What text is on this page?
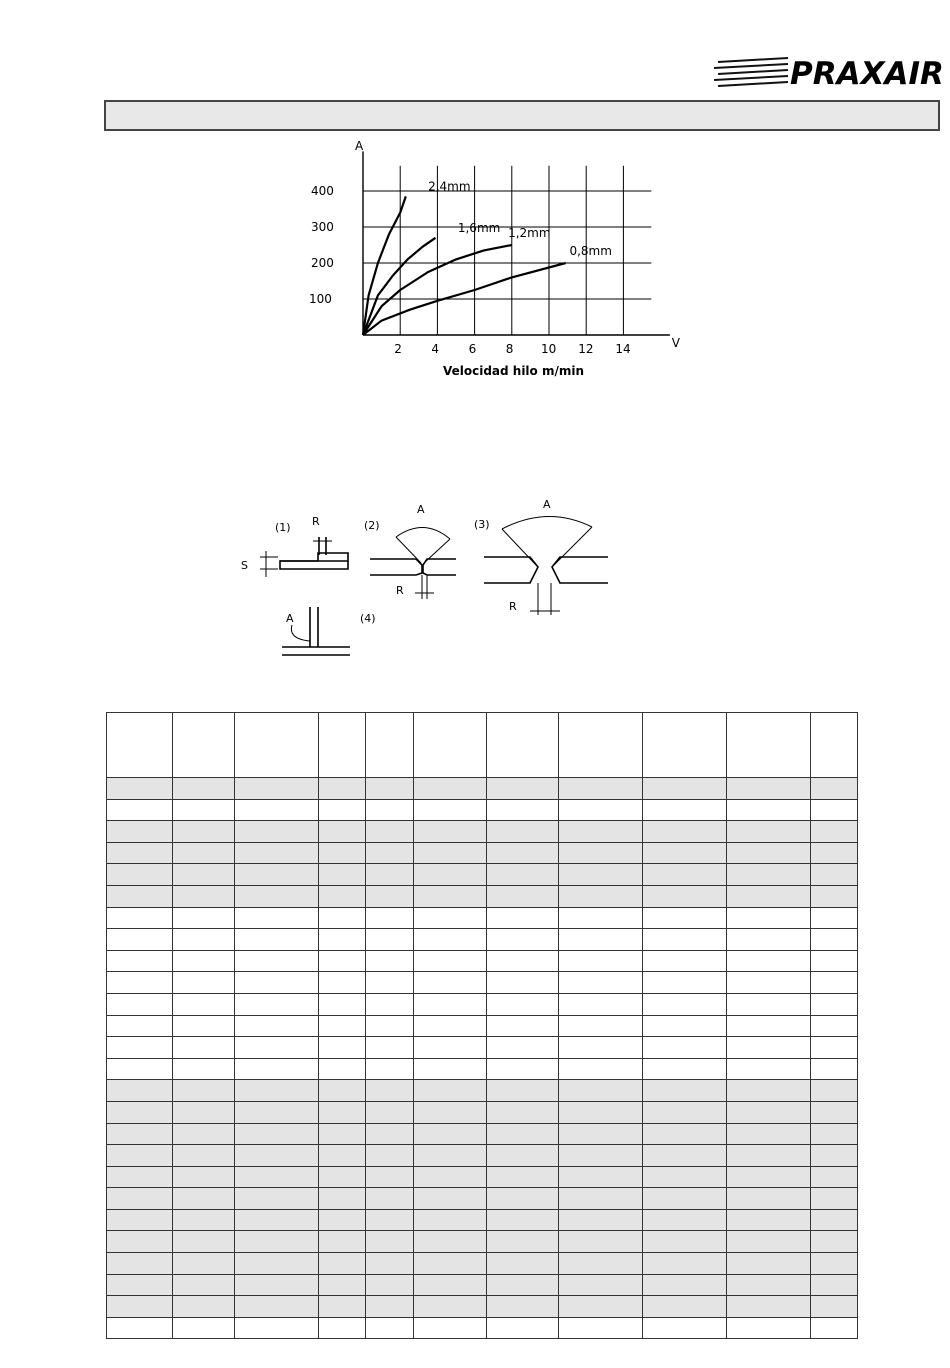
PRAXAIR
2 4 6 8 10 12 14
100
200
300
400
A
V
Velocidad hilo m/min
2,4mm
1,6mm 1,2mm
0,8mm
(1) R
S
(2)
A
R
(3)
A
R
(4)
A
